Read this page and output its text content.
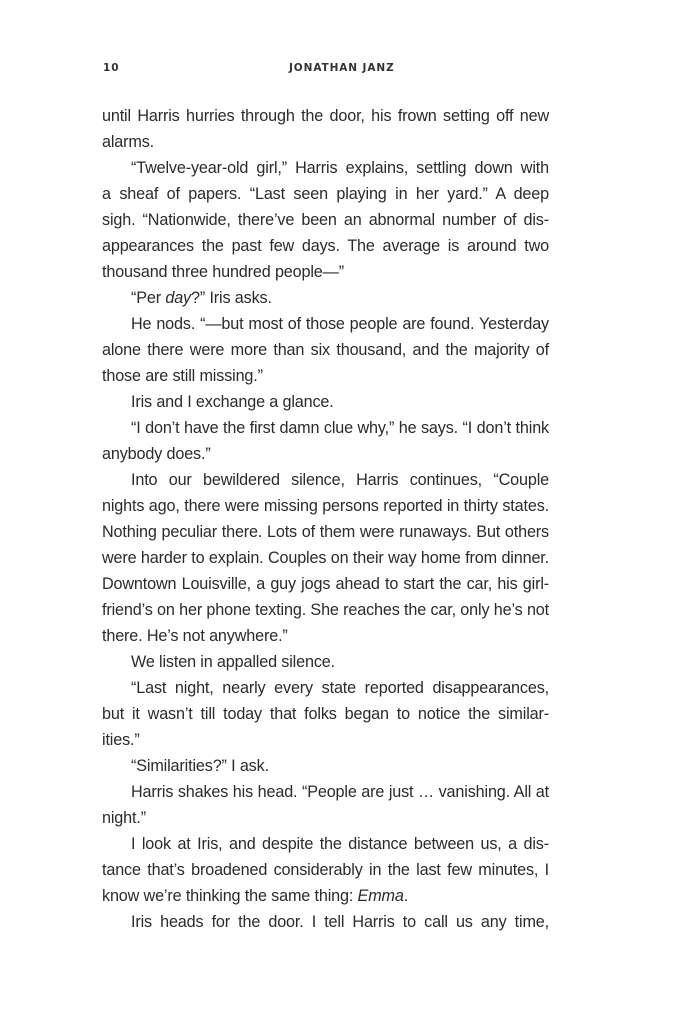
10	JONATHAN JANZ
until Harris hurries through the door, his frown setting off new
alarms.
“Twelve-year-old girl,” Harris explains, settling down with
a sheaf of papers. “Last seen playing in her yard.” A deep
sigh. “Nationwide, there’ve been an abnormal number of dis-
appearances the past few days. The average is around two
thousand three hundred people—”
“Per day?” Iris asks.
He nods. “—but most of those people are found. Yesterday
alone there were more than six thousand, and the majority of
those are still missing.”
Iris and I exchange a glance.
“I don’t have the first damn clue why,” he says. “I don’t think
anybody does.”
Into our bewildered silence, Harris continues, “Couple
nights ago, there were missing persons reported in thirty states.
Nothing peculiar there. Lots of them were runaways. But others
were harder to explain. Couples on their way home from dinner.
Downtown Louisville, a guy jogs ahead to start the car, his girl-
friend’s on her phone texting. She reaches the car, only he’s not
there. He’s not anywhere.”
We listen in appalled silence.
“Last night, nearly every state reported disappearances,
but it wasn’t till today that folks began to notice the similar-
ities.”
“Similarities?” I ask.
Harris shakes his head. “People are just … vanishing. All at
night.”
I look at Iris, and despite the distance between us, a dis-
tance that’s broadened considerably in the last few minutes, I
know we’re thinking the same thing: Emma.
Iris heads for the door. I tell Harris to call us any time,
